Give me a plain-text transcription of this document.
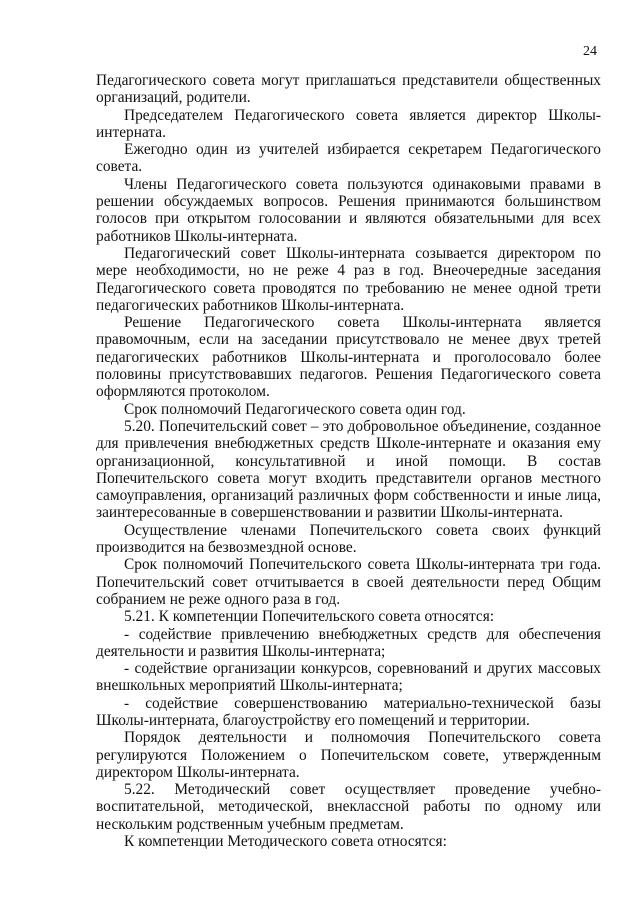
24

Педагогического совета могут приглашаться представители общественных организаций, родители.

Председателем Педагогического совета является директор Школы-интерната.

Ежегодно один из учителей избирается секретарем Педагогического совета.

Члены Педагогического совета пользуются одинаковыми правами в решении обсуждаемых вопросов. Решения принимаются большинством голосов при открытом голосовании и являются обязательными для всех работников Школы-интерната.

Педагогический совет Школы-интерната созывается директором по мере необходимости, но не реже 4 раз в год. Внеочередные заседания Педагогического совета проводятся по требованию не менее одной трети педагогических работников Школы-интерната.

Решение Педагогического совета Школы-интерната является правомочным, если на заседании присутствовало не менее двух третей педагогических работников Школы-интерната и проголосовало более половины присутствовавших педагогов. Решения Педагогического совета оформляются протоколом.

Срок полномочий Педагогического совета один год.

5.20. Попечительский совет – это добровольное объединение, созданное для привлечения внебюджетных средств Школе-интернате и оказания ему организационной, консультативной и иной помощи. В состав Попечительского совета могут входить представители органов местного самоуправления, организаций различных форм собственности и иные лица, заинтересованные в совершенствовании и развитии Школы-интерната.

Осуществление членами Попечительского совета своих функций производится на безвозмездной основе.

Срок полномочий Попечительского совета Школы-интерната три года. Попечительский совет отчитывается в своей деятельности перед Общим собранием не реже одного раза в год.

5.21. К компетенции Попечительского совета относятся:

- содействие привлечению внебюджетных средств для обеспечения деятельности и развития Школы-интерната;

- содействие организации конкурсов, соревнований и других массовых внешкольных мероприятий Школы-интерната;

- содействие совершенствованию материально-технической базы Школы-интерната, благоустройству его помещений и территории.

Порядок деятельности и полномочия Попечительского совета регулируются Положением о Попечительском совете, утвержденным директором Школы-интерната.

5.22. Методический совет осуществляет проведение учебно-воспитательной, методической, внеклассной работы по одному или нескольким родственным учебным предметам.

К компетенции Методического совета относятся:
